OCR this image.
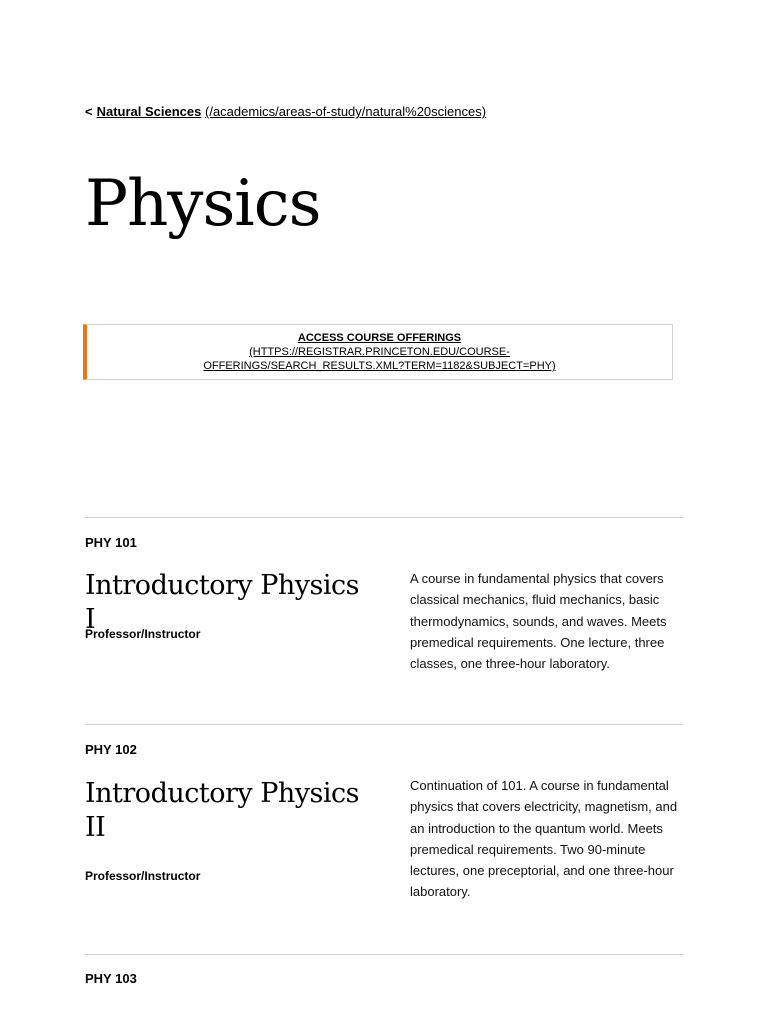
< Natural Sciences (/academics/areas-of-study/natural%20sciences)
Physics
ACCESS COURSE OFFERINGS (HTTPS://REGISTRAR.PRINCETON.EDU/COURSE-OFFERINGS/SEARCH_RESULTS.XML?TERM=1182&SUBJECT=PHY)
PHY 101
Introductory Physics I
Professor/Instructor
A course in fundamental physics that covers classical mechanics, fluid mechanics, basic thermodynamics, sounds, and waves. Meets premedical requirements. One lecture, three classes, one three-hour laboratory.
PHY 102
Introductory Physics II
Professor/Instructor
Continuation of 101. A course in fundamental physics that covers electricity, magnetism, and an introduction to the quantum world. Meets premedical requirements. Two 90-minute lectures, one preceptorial, and one three-hour laboratory.
PHY 103
